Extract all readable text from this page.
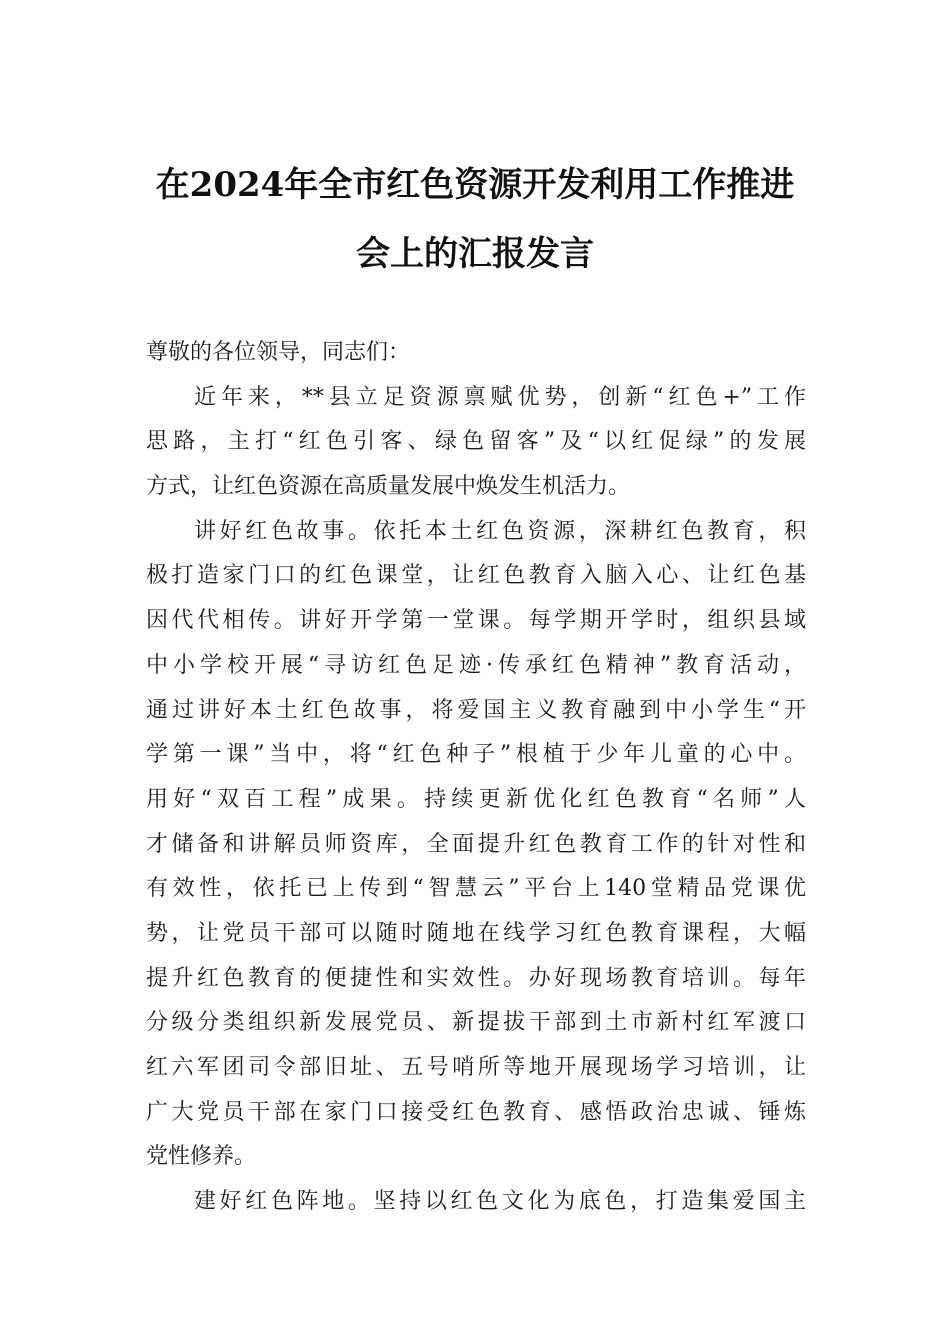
在2024年全市红色资源开发利用工作推进
会上的汇报发言
尊敬的各位领导，同志们：
近年来，**县立足资源禀赋优势，创新“红色+”工作
思路，主打“红色引客、绿色留客”及“以红促绿”的发展
方式，让红色资源在高质量发展中焕发生机活力。
讲好红色故事。依托本土红色资源，深耕红色教育，积
极打造家门口的红色课堂，让红色教育入脑入心、让红色基
因代代相传。讲好开学第一堂课。每学期开学时，组织县域
中小学校开展“寻访红色足迹·传承红色精神”教育活动，
通过讲好本土红色故事，将爱国主义教育融到中小学生“开
学第一课”当中，将“红色种子”根植于少年儿童的心中。
用好“双百工程”成果。持续更新优化红色教育“名师”人
才储备和讲解员师资库，全面提升红色教育工作的针对性和
有效性，依托已上传到“智慧云”平台上140堂精品党课优
势，让党员干部可以随时随地在线学习红色教育课程，大幅
提升红色教育的便捷性和实效性。办好现场教育培训。每年
分级分类组织新发展党员、新提拔干部到土市新村红军渡口
红六军团司令部旧址、五号哨所等地开展现场学习培训，让
广大党员干部在家门口接受红色教育、感悟政治忠诚、锤炼
党性修养。
建好红色阵地。坚持以红色文化为底色，打造集爱国主
